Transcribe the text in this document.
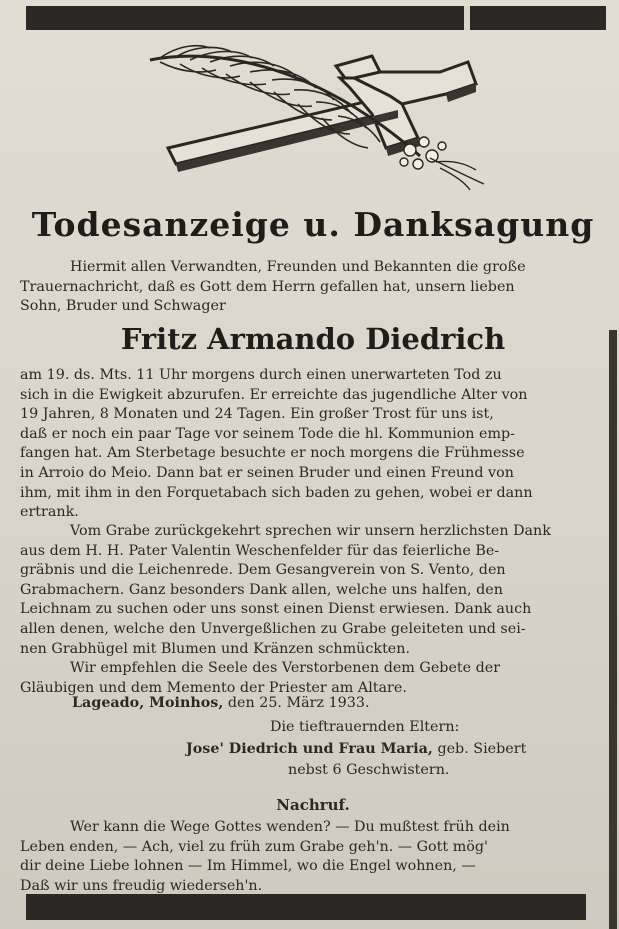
Todesanzeige u. Danksagung
Hiermit allen Verwandten, Freunden und Bekannten die große
Trauernachricht, daß es Gott dem Herrn gefallen hat, unsern lieben
Sohn, Bruder und Schwager
Fritz Armando Diedrich
am 19. ds. Mts. 11 Uhr morgens durch einen unerwarteten Tod zu
sich in die Ewigkeit abzurufen. Er erreichte das jugendliche Alter von
19 Jahren, 8 Monaten und 24 Tagen. Ein großer Trost für uns ist,
daß er noch ein paar Tage vor seinem Tode die hl. Kommunion emp-
fangen hat. Am Sterbetage besuchte er noch morgens die Frühmesse
in Arroio do Meio. Dann bat er seinen Bruder und einen Freund von
ihm, mit ihm in den Forquetabach sich baden zu gehen, wobei er dann
ertrank.
Vom Grabe zurückgekehrt sprechen wir unsern herzlichsten Dank
aus dem H. H. Pater Valentin Weschenfelder für das feierliche Be-
gräbnis und die Leichenrede. Dem Gesangverein von S. Vento, den
Grabmachern. Ganz besonders Dank allen, welche uns halfen, den
Leichnam zu suchen oder uns sonst einen Dienst erwiesen. Dank auch
allen denen, welche den Unvergeßlichen zu Grabe geleiteten und sei-
nen Grabhügel mit Blumen und Kränzen schmückten.
Wir empfehlen die Seele des Verstorbenen dem Gebete der
Gläubigen und dem Memento der Priester am Altare.
Lageado, Moinhos, den 25. März 1933.
Die tieftrauernden Eltern:
Jose' Diedrich und Frau Maria, geb. Siebert
nebst 6 Geschwistern.
Nachruf.
Wer kann die Wege Gottes wenden? — Du mußtest früh dein
Leben enden, — Ach, viel zu früh zum Grabe geh'n. — Gott mög'
dir deine Liebe lohnen — Im Himmel, wo die Engel wohnen, —
Daß wir uns freudig wiederseh'n.
